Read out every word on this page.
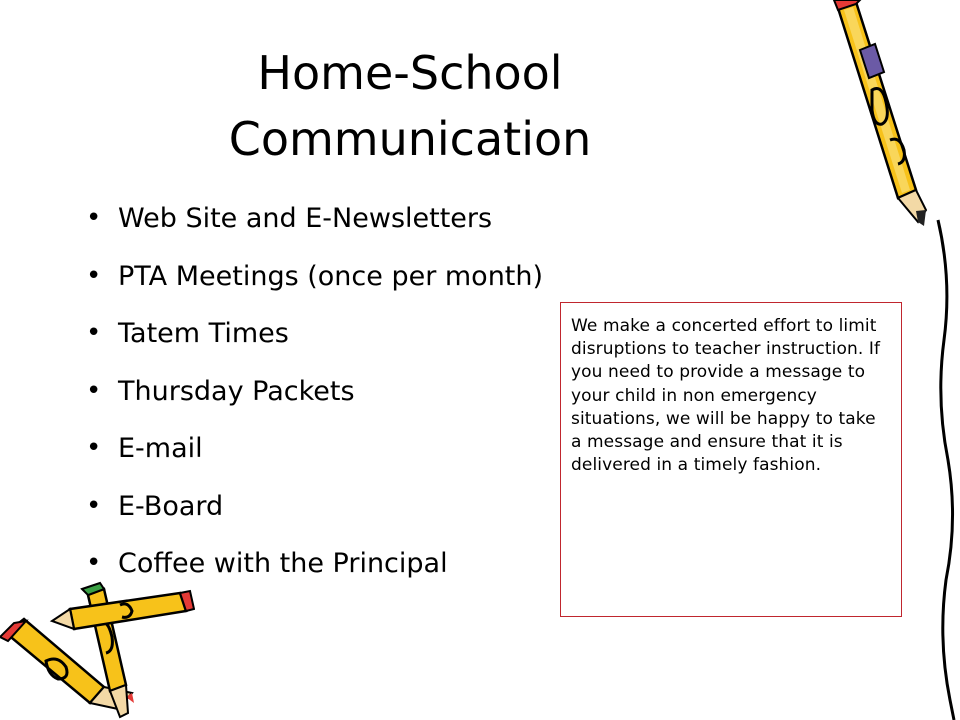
Home-School
Communication
• Web Site and E-Newsletters
• PTA Meetings (once per month)
• Tatem Times
• Thursday Packets
• E-mail
• E-Board
• Coffee with the Principal

We make a concerted effort to limit disruptions to teacher instruction. If you need to provide a message to your child in non emergency situations, we will be happy to take a message and ensure that it is delivered in a timely fashion.
